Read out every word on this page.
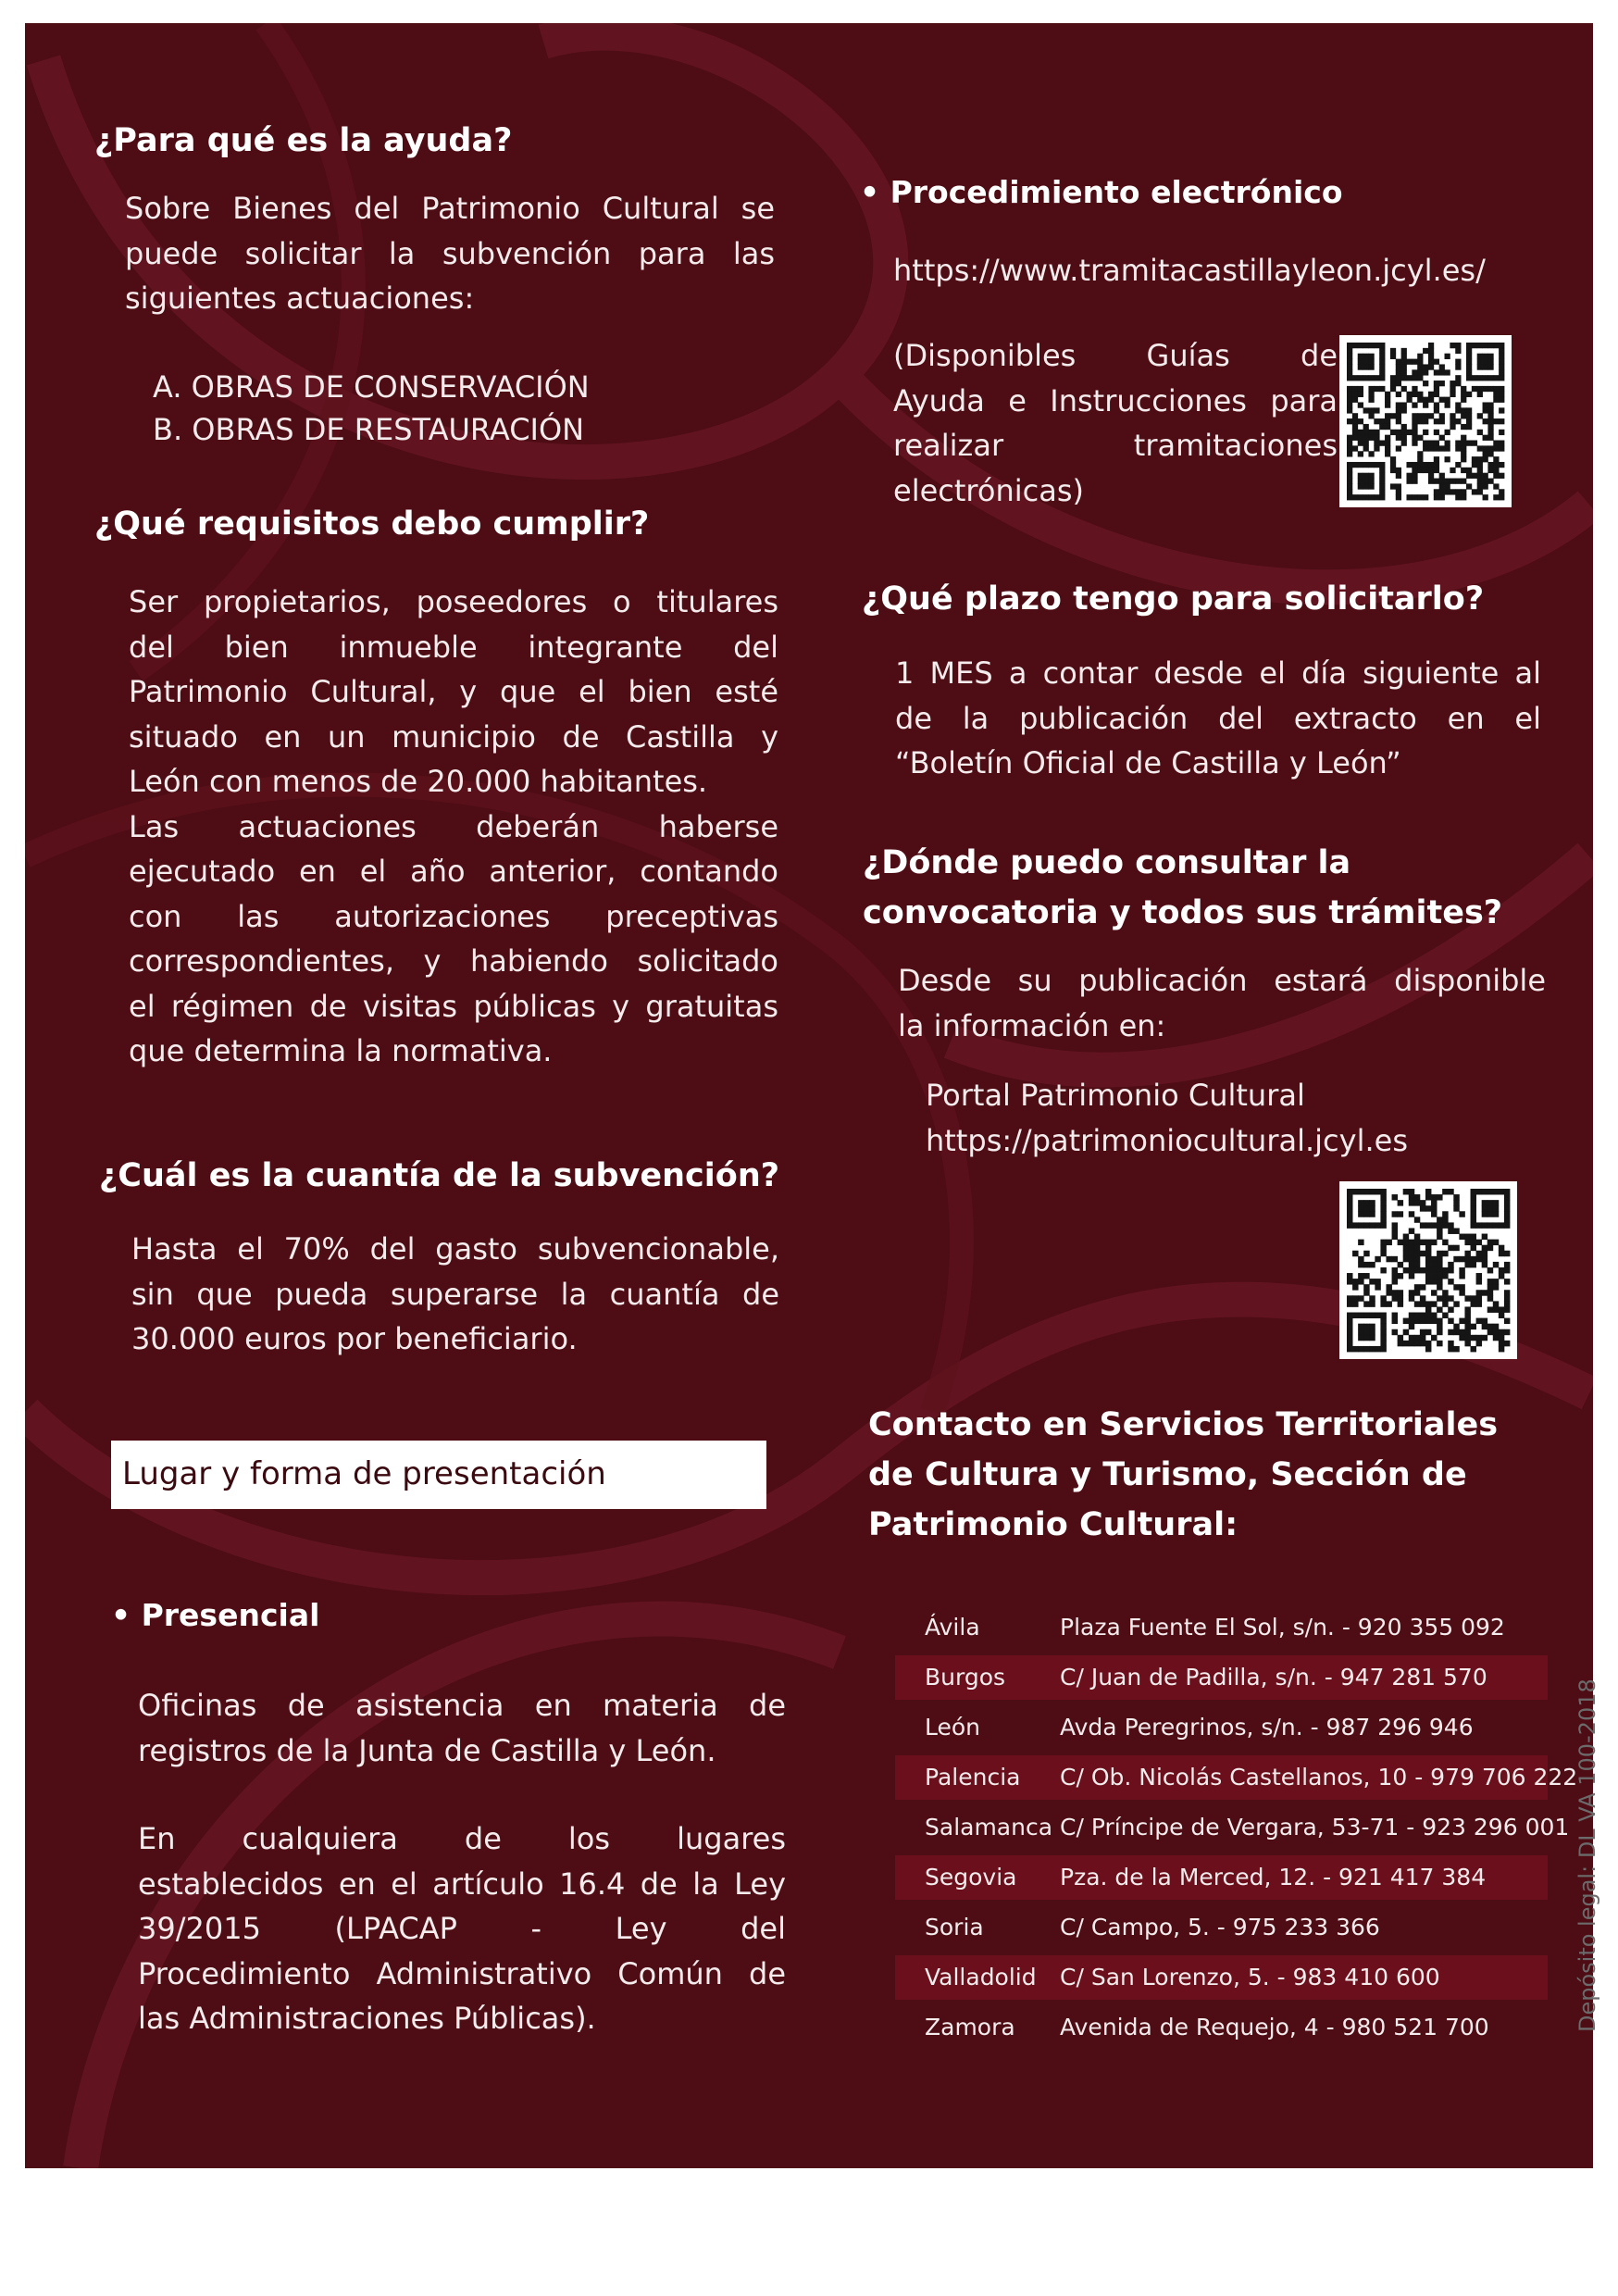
¿Para qué es la ayuda?
Sobre Bienes del Patrimonio Cultural se
puede solicitar la subvención para las
siguientes actuaciones:
A. OBRAS DE CONSERVACIÓN
B. OBRAS DE RESTAURACIÓN
¿Qué requisitos debo cumplir?
Ser propietarios, poseedores o titulares
del bien inmueble integrante del
Patrimonio Cultural, y que el bien esté
situado en un municipio de Castilla y
León con menos de 20.000 habitantes.
Las actuaciones deberán haberse
ejecutado en el año anterior, contando
con las autorizaciones preceptivas
correspondientes, y habiendo solicitado
el régimen de visitas públicas y gratuitas
que determina la normativa.
¿Cuál es la cuantía de la subvención?
Hasta el 70% del gasto subvencionable,
sin que pueda superarse la cuantía de
30.000 euros por beneficiario.
Lugar y forma de presentación
• Presencial
Oficinas de asistencia en materia de
registros de la Junta de Castilla y León.
En cualquiera de los lugares
establecidos en el artículo 16.4 de la Ley
39/2015 (LPACAP - Ley del
Procedimiento Administrativo Común de
las Administraciones Públicas).
• Procedimiento electrónico
https://www.tramitacastillayleon.jcyl.es/
(Disponibles Guías de
Ayuda e Instrucciones para
realizar tramitaciones
electrónicas)
¿Qué plazo tengo para solicitarlo?
1 MES a contar desde el día siguiente al
de la publicación del extracto en el
“Boletín Oficial de Castilla y León”
¿Dónde puedo consultar la
convocatoria y todos sus trámites?
Desde su publicación estará disponible
la información en:
Portal Patrimonio Cultural
https://patrimoniocultural.jcyl.es
Contacto en Servicios Territoriales
de Cultura y Turismo, Sección de
Patrimonio Cultural:
Ávila	Plaza Fuente El Sol, s/n. - 920 355 092
Burgos C/ Juan de Padilla, s/n. - 947 281 570
León	Avda Peregrinos, s/n. - 987 296 946
Palencia C/ Ob. Nicolás Castellanos, 10 - 979 706 222
Salamanca C/ Príncipe de Vergara, 53-71 - 923 296 001
Segovia Pza. de la Merced, 12. - 921 417 384
Soria	C/ Campo, 5. - 975 233 366
Valladolid C/ San Lorenzo, 5. - 983 410 600
Zamora Avenida de Requejo, 4 - 980 521 700	Depósito legal: DL VA 100-2018
